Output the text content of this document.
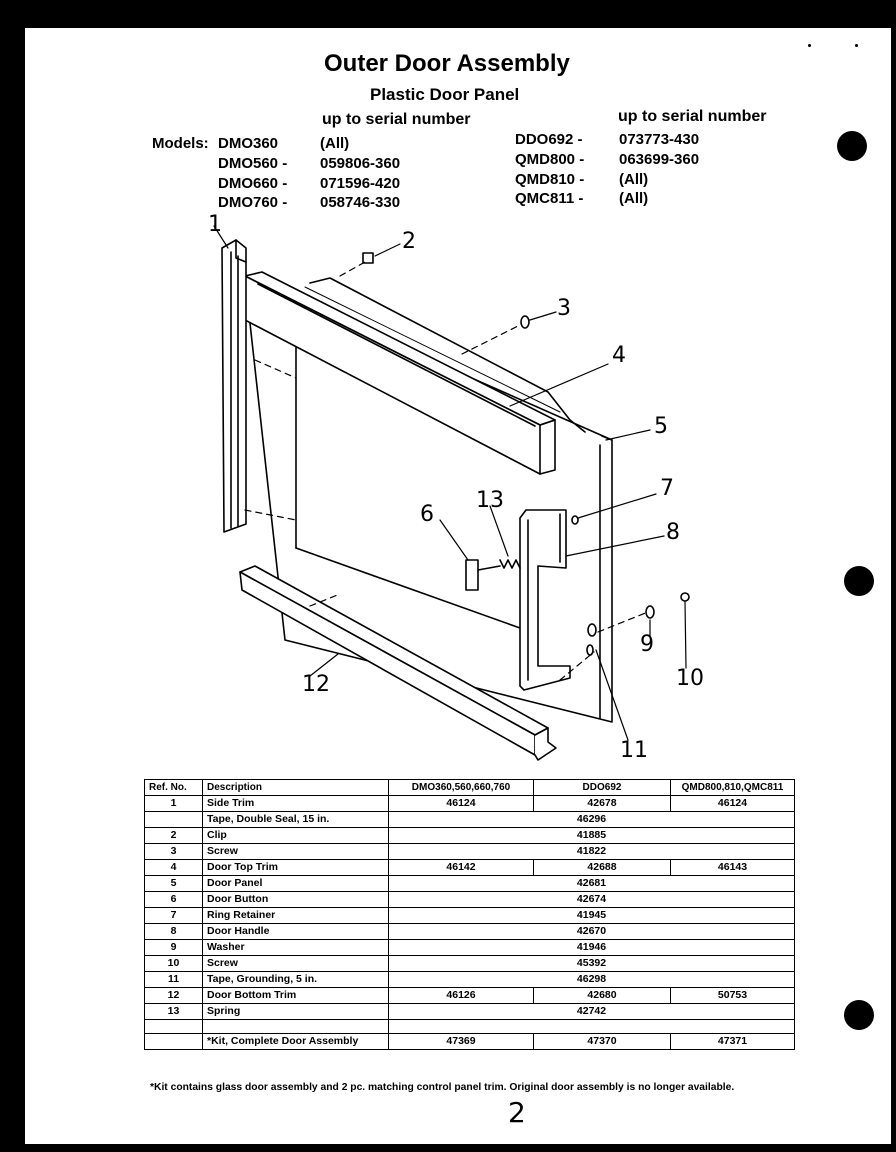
Outer Door Assembly
Plastic Door Panel
up to serial number	up to serial number
Models: DMO360	(All)
DMO560 - 059806-360
DMO660 - 071596-420
DMO760 - 058746-330
DDO692 - 073773-430
QMD800 - 063699-360
QMD810 - (All)
QMC811 - (All)
1
2
3
4
5
6
7
8
9
10
11
12
13
Ref. No.	Description	DMO360,560,660,760	DDO692	QMD800,810,QMC811
1	Side Trim	46124	42678	46124
	Tape, Double Seal, 15 in.	46296		
2	Clip	41885		
3	Screw	41822		
4	Door Top Trim	46142	42688	46143
5	Door Panel	42681		
6	Door Button	42674		
7	Ring Retainer	41945		
8	Door Handle	42670		
9	Washer	41946		
10	Screw	45392		
11	Tape, Grounding, 5 in.	46298		
12	Door Bottom Trim	46126	42680	50753
13	Spring	42742		

	*Kit, Complete Door Assembly	47369	47370	47371
*Kit contains glass door assembly and 2 pc. matching control panel trim. Original door assembly is no longer available.
2
